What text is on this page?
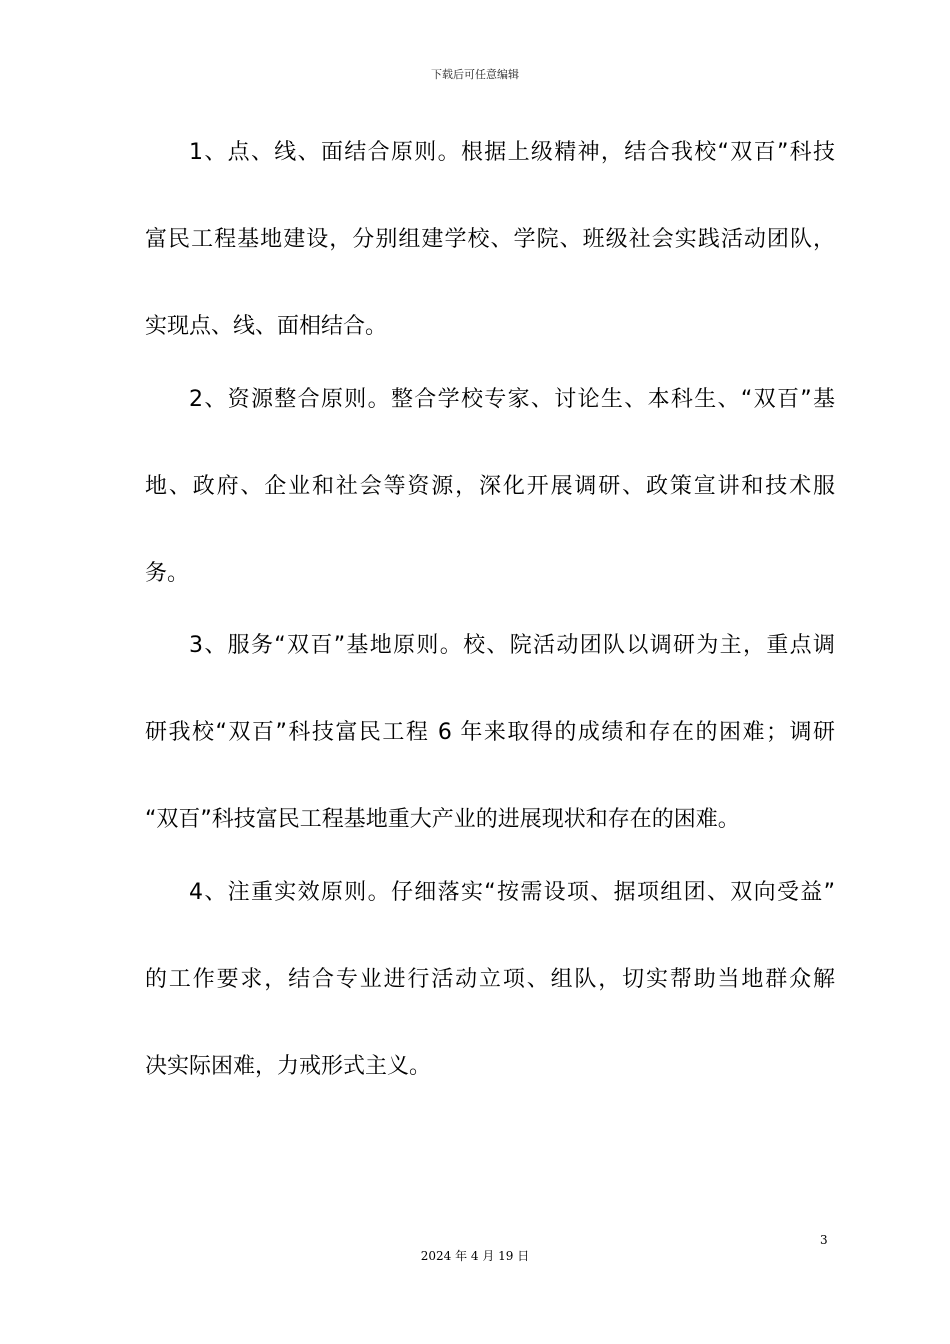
下载后可任意编辑
1、点、线、面结合原则。根据上级精神，结合我校“双百”科技
富民工程基地建设，分别组建学校、学院、班级社会实践活动团队，
实现点、线、面相结合。
2、资源整合原则。整合学校专家、讨论生、本科生、“双百”基
地、政府、企业和社会等资源，深化开展调研、政策宣讲和技术服
务。
3、服务“双百”基地原则。校、院活动团队以调研为主，重点调
研我校“双百”科技富民工程 6 年来取得的成绩和存在的困难；调研
“双百”科技富民工程基地重大产业的进展现状和存在的困难。
4、注重实效原则。仔细落实“按需设项、据项组团、双向受益”
的工作要求，结合专业进行活动立项、组队，切实帮助当地群众解
决实际困难，力戒形式主义。
3
2024 年 4 月 19 日
